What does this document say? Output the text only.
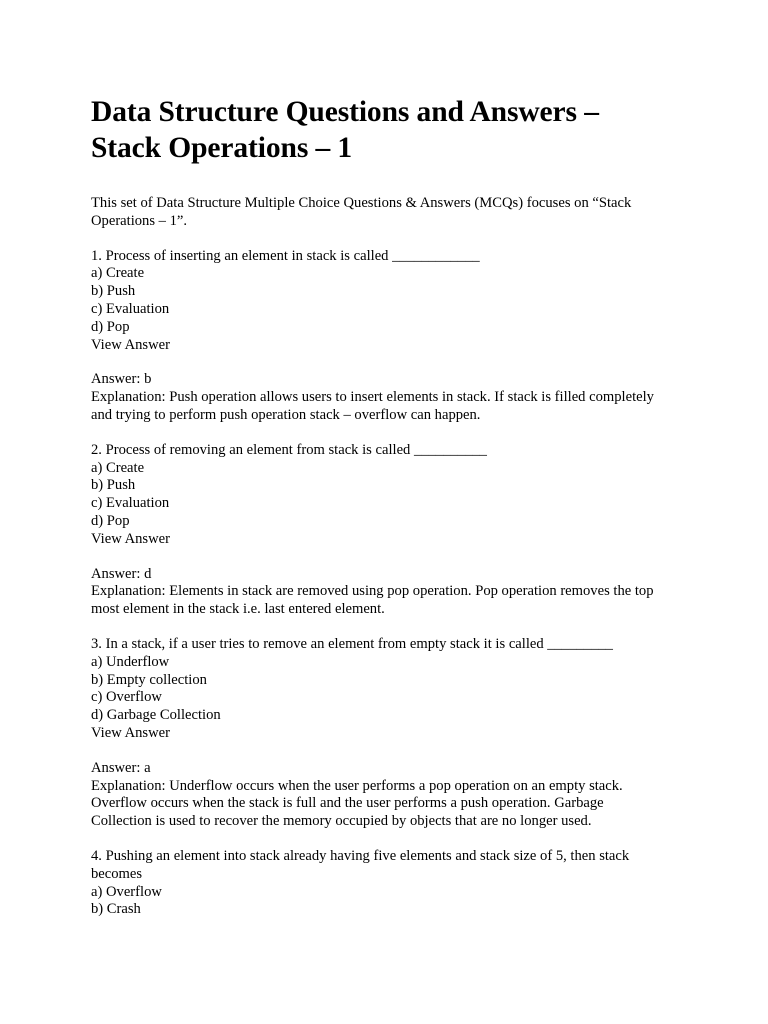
Data Structure Questions and Answers –
Stack Operations – 1
This set of Data Structure Multiple Choice Questions & Answers (MCQs) focuses on “Stack
Operations – 1”.
1. Process of inserting an element in stack is called ____________
a) Create
b) Push
c) Evaluation
d) Pop
View Answer
Answer: b
Explanation: Push operation allows users to insert elements in stack. If stack is filled completely
and trying to perform push operation stack – overflow can happen.
2. Process of removing an element from stack is called __________
a) Create
b) Push
c) Evaluation
d) Pop
View Answer
Answer: d
Explanation: Elements in stack are removed using pop operation. Pop operation removes the top
most element in the stack i.e. last entered element.
3. In a stack, if a user tries to remove an element from empty stack it is called _________
a) Underflow
b) Empty collection
c) Overflow
d) Garbage Collection
View Answer
Answer: a
Explanation: Underflow occurs when the user performs a pop operation on an empty stack.
Overflow occurs when the stack is full and the user performs a push operation. Garbage
Collection is used to recover the memory occupied by objects that are no longer used.
4. Pushing an element into stack already having five elements and stack size of 5, then stack
becomes
a) Overflow
b) Crash
